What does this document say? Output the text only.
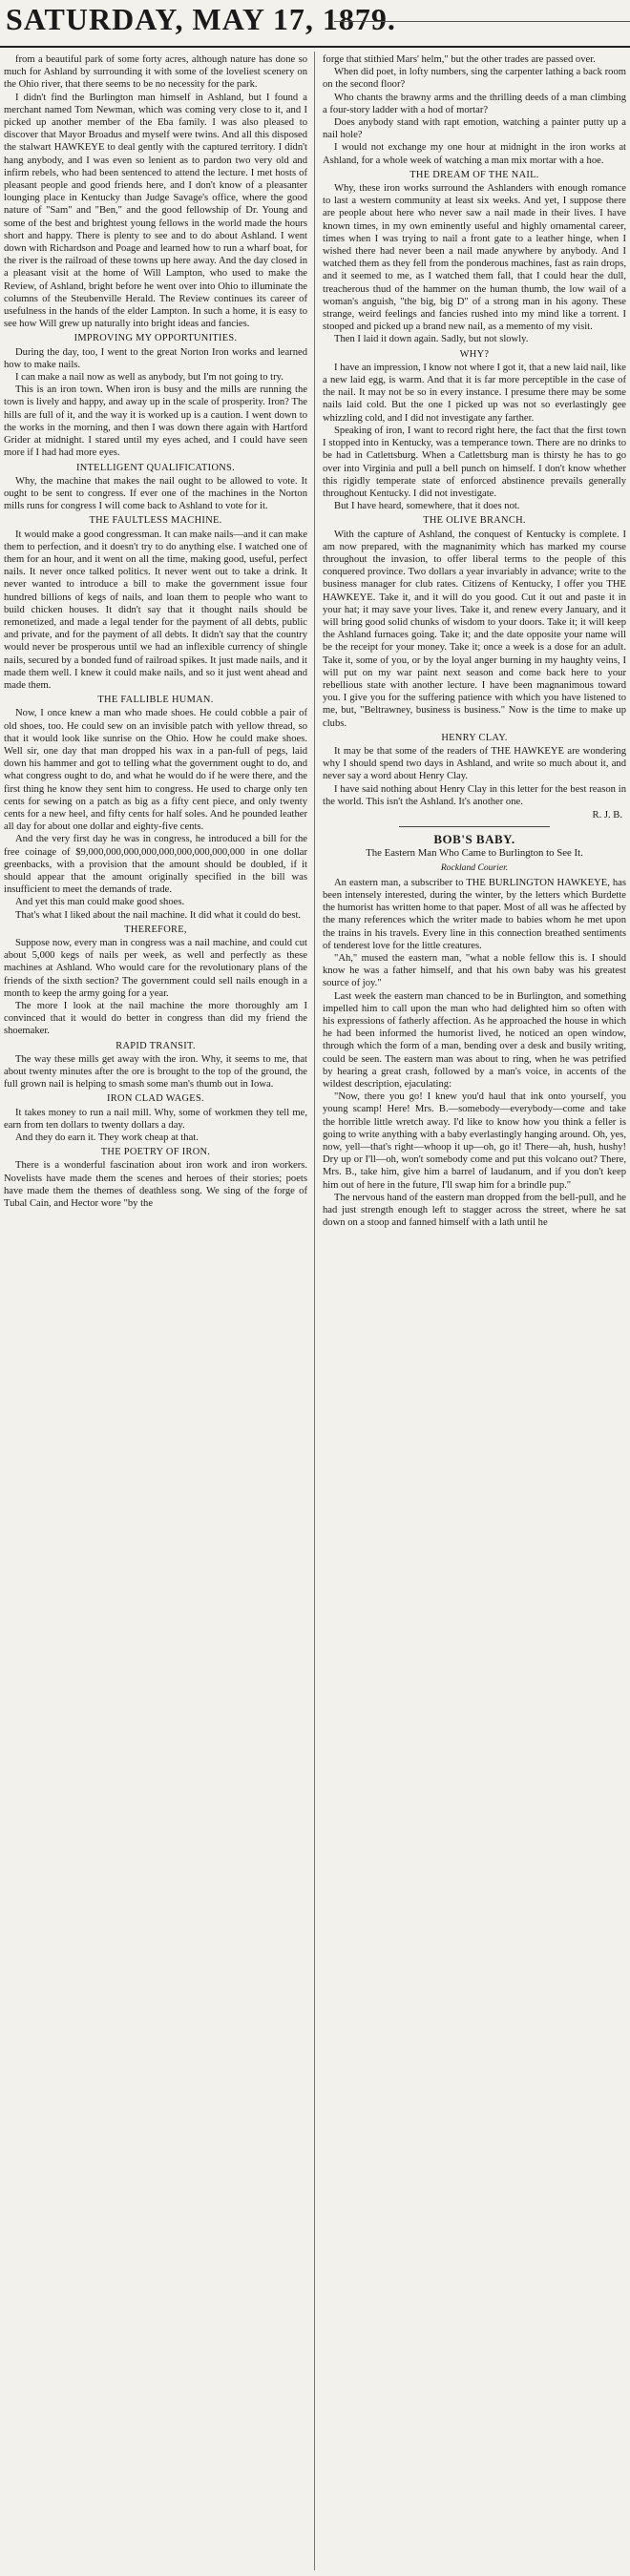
SATURDAY, MAY 17, 1879.

from a beautiful park of some forty acres, although nature has done so much for Ashland by surrounding it with some of the loveliest scenery on the Ohio river, that there seems to be no necessity for the park.

I didn't find the Burlington man himself in Ashland, but I found a merchant named Tom Newman, which was coming very close to it, and I picked up another member of the Eba family. I was also pleased to discover that Mayor Broadus and myself were twins. And all this disposed the stalwart HAWKEYE to deal gently with the captured territory. I didn't hang anybody, and I was even so lenient as to pardon two very old and infirm rebels, who had been sentenced to attend the lecture. I met hosts of pleasant people and good friends here, and I don't know of a pleasanter lounging place in Kentucky than Judge Savage's office, where the good nature of "Sam" and "Ben," and the good fellowship of Dr. Young and some of the best and brightest young fellows in the world made the hours short and happy. There is plenty to see and to do about Ashland. I went down with Richardson and Poage and learned how to run a wharf boat, for the river is the railroad of these towns up here away. And the day closed in a pleasant visit at the home of Will Lampton, who used to make the Review, of Ashland, bright before he went over into Ohio to illuminate the columns of the Steubenville Herald. The Review continues its career of usefulness in the hands of the elder Lampton. In such a home, it is easy to see how Will grew up naturally into bright ideas and fancies.

IMPROVING MY OPPORTUNITIES.

During the day, too, I went to the great Norton Iron works and learned how to make nails.

I can make a nail now as well as anybody, but I'm not going to try.

This is an iron town. When iron is busy and the mills are running the town is lively and happy, and away up in the scale of prosperity. Iron? The hills are full of it, and the way it is worked up is a caution. I went down to the works in the morning, and then I was down there again with Hartford Grider at midnight. I stared until my eyes ached, and I could have seen more if I had had more eyes.

INTELLIGENT QUALIFICATIONS.

Why, the machine that makes the nail ought to be allowed to vote. It ought to be sent to congress. If ever one of the machines in the Norton mills runs for congress I will come back to Ashland to vote for it.

THE FAULTLESS MACHINE.

It would make a good congressman. It can make nails—and it can make them to perfection, and it doesn't try to do anything else. I watched one of them for an hour, and it went on all the time, making good, useful, perfect nails. It never once talked politics. It never went out to take a drink. It never wanted to introduce a bill to make the government issue four hundred billions of kegs of nails, and loan them to people who want to build chicken houses. It didn't say that it thought nails should be remonetized, and made a legal tender for the payment of all debts, public and private, and for the payment of all debts. It didn't say that the country would never be prosperous until we had an inflexible currency of shingle nails, secured by a bonded fund of railroad spikes. It just made nails, and it made them well. I knew it could make nails, and so it just went ahead and made them.

THE FALLIBLE HUMAN.

Now, I once knew a man who made shoes. He could cobble a pair of old shoes, too. He could sew on an invisible patch with yellow thread, so that it would look like sunrise on the Ohio. How he could make shoes. Well sir, one day that man dropped his wax in a pan-full of pegs, laid down his hammer and got to telling what the government ought to do, and what congress ought to do, and what he would do if he were there, and the first thing he know they sent him to congress. He used to charge only ten cents for sewing on a patch as big as a fifty cent piece, and only twenty cents for a new heel, and fifty cents for half soles. And he pounded leather all day for about one dollar and eighty-five cents.

And the very first day he was in congress, he introduced a bill for the free coinage of $9,000,000,000,000,000,000,000,000,000 in one dollar greenbacks, with a provision that the amount should be doubled, if it should appear that the amount originally specified in the bill was insufficient to meet the demands of trade.

And yet this man could make good shoes.

That's what I liked about the nail machine. It did what it could do best.

THEREFORE,

Suppose now, every man in congress was a nail machine, and could cut about 5,000 kegs of nails per week, as well and perfectly as these machines at Ashland. Who would care for the revolutionary plans of the friends of the sixth section? The government could sell nails enough in a month to keep the army going for a year.

The more I look at the nail machine the more thoroughly am I convinced that it would do better in congress than did my friend the shoemaker.

RAPID TRANSIT.

The way these mills get away with the iron. Why, it seems to me, that about twenty minutes after the ore is brought to the top of the ground, the full grown nail is helping to smash some man's thumb out in Iowa.

IRON CLAD WAGES.

It takes money to run a nail mill. Why, some of workmen they tell me, earn from ten dollars to twenty dollars a day.

And they do earn it. They work cheap at that.

THE POETRY OF IRON.

There is a wonderful fascination about iron work and iron workers. Novelists have made them the scenes and heroes of their stories; poets have made them the themes of deathless song. We sing of the forge of Tubal Cain, and Hector wore "by the

forge that stithied Mars' helm," but the other trades are passed over.

When did poet, in lofty numbers, sing the carpenter lathing a back room on the second floor?

Who chants the brawny arms and the thrilling deeds of a man climbing a four-story ladder with a hod of mortar?

Does anybody stand with rapt emotion, watching a painter putty up a nail hole?

I would not exchange my one hour at midnight in the iron works at Ashland, for a whole week of watching a man mix mortar with a hoe.

THE DREAM OF THE NAIL.

Why, these iron works surround the Ashlanders with enough romance to last a western community at least six weeks. And yet, I suppose there are people about here who never saw a nail made in their lives. I have known times, in my own eminently useful and highly ornamental career, times when I was trying to nail a front gate to a leather hinge, when I wished there had never been a nail made anywhere by anybody. And I watched them as they fell from the ponderous machines, fast as rain drops, and it seemed to me, as I watched them fall, that I could hear the dull, treacherous thud of the hammer on the human thumb, the low wail of a woman's anguish, "the big, big D" of a strong man in his agony. These strange, weird feelings and fancies rushed into my mind like a torrent. I stooped and picked up a brand new nail, as a memento of my visit.

Then I laid it down again. Sadly, but not slowly.

WHY?

I have an impression, I know not where I got it, that a new laid nail, like a new laid egg, is warm. And that it is far more perceptible in the case of the nail. It may not be so in every instance. I presume there may be some nails laid cold. But the one I picked up was not so everlastingly gee whizzling cold, and I did not investigate any farther.

Speaking of iron, I want to record right here, the fact that the first town I stopped into in Kentucky, was a temperance town. There are no drinks to be had in Catlettsburg. When a Catlettsburg man is thirsty he has to go over into Virginia and pull a bell punch on himself. I don't know whether this rigidly temperate state of enforced abstinence prevails generally throughout Kentucky. I did not investigate.

But I have heard, somewhere, that it does not.

THE OLIVE BRANCH.

With the capture of Ashland, the conquest of Kentucky is complete. I am now prepared, with the magnanimity which has marked my course throughout the invasion, to offer liberal terms to the people of this conquered province. Two dollars a year invariably in advance; write to the business manager for club rates. Citizens of Kentucky, I offer you THE HAWKEYE. Take it, and it will do you good. Cut it out and paste it in your hat; it may save your lives. Take it, and renew every January, and it will bring good solid chunks of wisdom to your doors. Take it; it will keep the Ashland furnaces going. Take it; and the date opposite your name will be the receipt for your money. Take it; once a week is a dose for an adult. Take it, some of you, or by the loyal anger burning in my haughty veins, I will put on my war paint next season and come back here to your rebellious state with another lecture. I have been magnanimous toward you. I give you for the suffering patience with which you have listened to me, but, "Beltrawney, business is business." Now is the time to make up clubs.

HENRY CLAY.

It may be that some of the readers of THE HAWKEYE are wondering why I should spend two days in Ashland, and write so much about it, and never say a word about Henry Clay.

I have said nothing about Henry Clay in this letter for the best reason in the world. This isn't the Ashland. It's another one.

R. J. B.
BOB'S BABY.
The Eastern Man Who Came to Burlington to See It.
Rockland Courier.

An eastern man, a subscriber to THE BURLINGTON HAWKEYE, has been intensely interested, during the winter, by the letters which Burdette the humorist has written home to that paper. Most of all was he affected by the many references which the writer made to babies whom he met upon the trains in his travels. Every line in this connection breathed sentiments of tenderest love for the little creatures.

"Ah," mused the eastern man, "what a noble fellow this is. I should know he was a father himself, and that his own baby was his greatest source of joy."

Last week the eastern man chanced to be in Burlington, and something impelled him to call upon the man who had delighted him so often with his expressions of fatherly affection. As he approached the house in which he had been informed the humorist lived, he noticed an open window, through which the form of a man, bending over a desk and busily writing, could be seen. The eastern man was about to ring, when he was petrified by hearing a great crash, followed by a man's voice, in accents of the wildest description, ejaculating:

"Now, there you go! I knew you'd haul that ink onto yourself, you young scamp! Here! Mrs. B.—somebody—everybody—come and take the horrible little wretch away. I'd like to know how you think a feller is going to write anything with a baby everlastingly hanging around. Oh, yes, now, yell—that's right—whoop it up—oh, go it! There—ah, hush, hushy! Dry up or I'll—oh, won't somebody come and put this volcano out? There, Mrs. B., take him, give him a barrel of laudanum, and if you don't keep him out of here in the future, I'll swap him for a brindle pup."

The nervous hand of the eastern man dropped from the bell-pull, and he had just strength enough left to stagger across the street, where he sat down on a stoop and fanned himself with a lath until he
